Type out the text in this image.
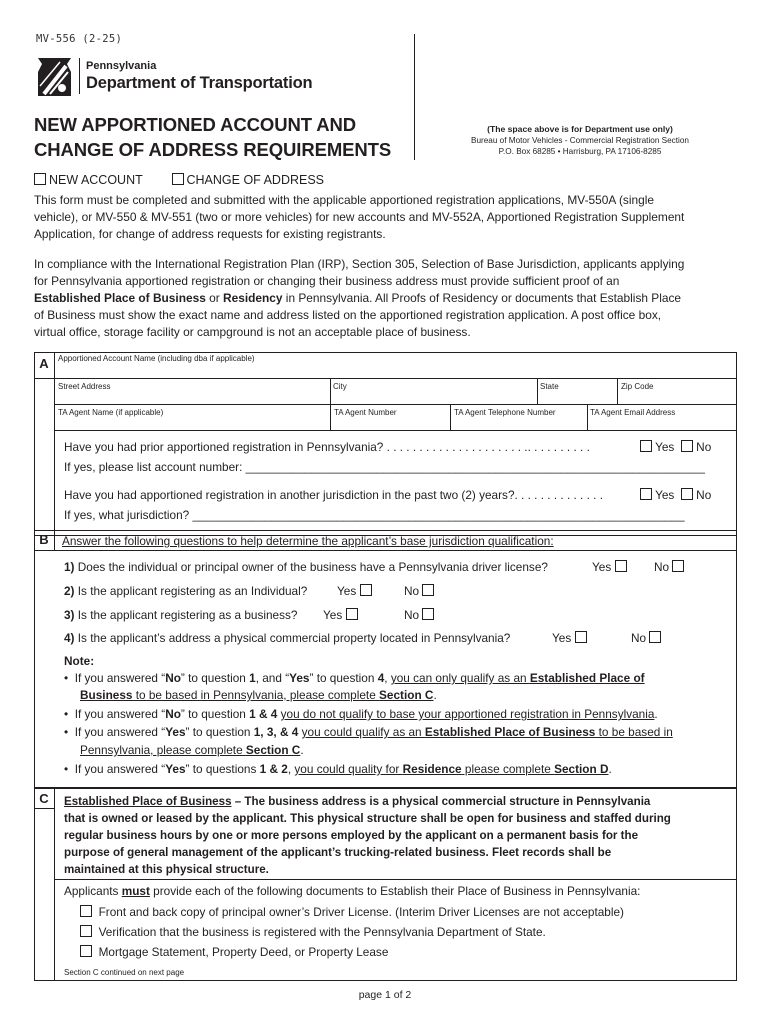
MV-556 (2-25)
Pennsylvania
Department of Transportation
NEW APPORTIONED ACCOUNT AND
CHANGE OF ADDRESS REQUIREMENTS
(The space above is for Department use only)
Bureau of Motor Vehicles - Commercial Registration Section
P.O. Box 68285 • Harrisburg, PA 17106-8285
NEW ACCOUNT	CHANGE OF ADDRESS
This form must be completed and submitted with the applicable apportioned registration applications, MV-550A (single
vehicle), or MV-550 & MV-551 (two or more vehicles) for new accounts and MV-552A, Apportioned Registration Supplement
Application, for change of address requests for existing registrants.
In compliance with the International Registration Plan (IRP), Section 305, Selection of Base Jurisdiction, applicants applying
for Pennsylvania apportioned registration or changing their business address must provide sufficient proof of an
Established Place of Business or Residency in Pennsylvania. All Proofs of Residency or documents that Establish Place
of Business must show the exact name and address listed on the apportioned registration application. A post office box,
virtual office, storage facility or campground is not an acceptable place of business.
A	Apportioned Account Name (including dba if applicable)
Street Address	City	State	Zip Code
TA Agent Name (if applicable)	TA Agent Number	TA Agent Telephone Number	TA Agent Email Address
Have you had prior apportioned registration in Pennsylvania? . . . . . . . . . . . . . . . . . . . . . .. . . . . . . . . .	Yes No
If yes, please list account number: ______________________________________________________________________
Have you had apportioned registration in another jurisdiction in the past two (2) years?. . . . . . . . . . . . . .	Yes No
If yes, what jurisdiction? ___________________________________________________________________________
B	Answer the following questions to help determine the applicant’s base jurisdiction qualification:
1) Does the individual or principal owner of the business have a Pennsylvania driver license?	Yes	No
2) Is the applicant registering as an Individual?	Yes	No
3) Is the applicant registering as a business? Yes	No
4) Is the applicant’s address a physical commercial property located in Pennsylvania?	Yes	No
Note:
•  If you answered “No” to question 1, and “Yes” to question 4, you can only qualify as an Established Place of
Business to be based in Pennsylvania, please complete Section C.
•  If you answered “No” to question 1 & 4 you do not qualify to base your apportioned registration in Pennsylvania.
•  If you answered “Yes” to question 1, 3, & 4 you could qualify as an Established Place of Business to be based in
Pennsylvania, please complete Section C.
•  If you answered “Yes” to questions 1 & 2, you could quality for Residence please complete Section D.
C	Established Place of Business – The business address is a physical commercial structure in Pennsylvania
that is owned or leased by the applicant. This physical structure shall be open for business and staffed during
regular business hours by one or more persons employed by the applicant on a permanent basis for the
purpose of general management of the applicant’s trucking-related business. Fleet records shall be
maintained at this physical structure.
Applicants must provide each of the following documents to Establish their Place of Business in Pennsylvania:
Front and back copy of principal owner’s Driver License. (Interim Driver Licenses are not acceptable)
Verification that the business is registered with the Pennsylvania Department of State.
Mortgage Statement, Property Deed, or Property Lease
Section C continued on next page
page 1 of 2
